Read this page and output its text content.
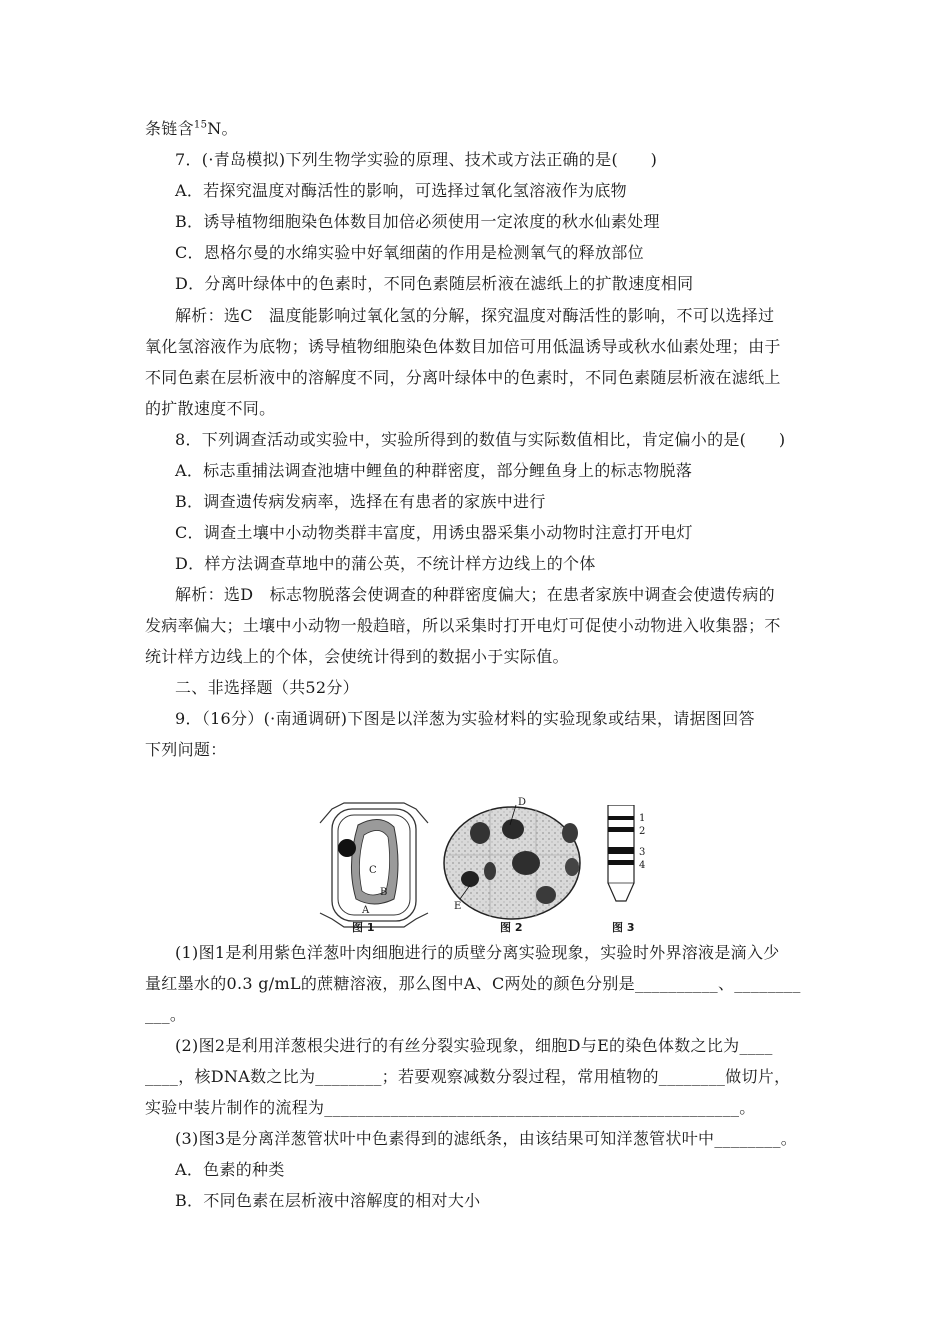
条链含$^{15}$N。
7．(·青岛模拟)下列生物学实验的原理、技术或方法正确的是(　　)
A．若探究温度对酶活性的影响，可选择过氧化氢溶液作为底物
B．诱导植物细胞染色体数目加倍必须使用一定浓度的秋水仙素处理
C．恩格尔曼的水绵实验中好氧细菌的作用是检测氧气的释放部位
D．分离叶绿体中的色素时，不同色素随层析液在滤纸上的扩散速度相同
解析：选C　温度能影响过氧化氢的分解，探究温度对酶活性的影响，不可以选择过
氧化氢溶液作为底物；诱导植物细胞染色体数目加倍可用低温诱导或秋水仙素处理；由于
不同色素在层析液中的溶解度不同，分离叶绿体中的色素时，不同色素随层析液在滤纸上
的扩散速度不同。
8．下列调查活动或实验中，实验所得到的数值与实际数值相比，肯定偏小的是(　　)
A．标志重捕法调查池塘中鲤鱼的种群密度，部分鲤鱼身上的标志物脱落
B．调查遗传病发病率，选择在有患者的家族中进行
C．调查土壤中小动物类群丰富度，用诱虫器采集小动物时注意打开电灯
D．样方法调查草地中的蒲公英，不统计样方边线上的个体
解析：选D　标志物脱落会使调查的种群密度偏大；在患者家族中调查会使遗传病的
发病率偏大；土壤中小动物一般趋暗，所以采集时打开电灯可促使小动物进入收集器；不
统计样方边线上的个体，会使统计得到的数据小于实际值。
二、非选择题（共52分）
9．（16分）(·南通调研)下图是以洋葱为实验材料的实验现象或结果，请据图回答
下列问题：
A
B
C
图 1
D
E
图 2
1
2
3
4
图 3
(1)图1是利用紫色洋葱叶肉细胞进行的质壁分离实验现象，实验时外界溶液是滴入少
量红墨水的0.3 g/mL的蔗糖溶液，那么图中A、C两处的颜色分别是__________、________
___。
(2)图2是利用洋葱根尖进行的有丝分裂实验现象，细胞D与E的染色体数之比为____
____，核DNA数之比为________；若要观察减数分裂过程，常用植物的________做切片，
实验中装片制作的流程为__________________________________________________。
(3)图3是分离洋葱管状叶中色素得到的滤纸条，由该结果可知洋葱管状叶中________。
A．色素的种类
B．不同色素在层析液中溶解度的相对大小
